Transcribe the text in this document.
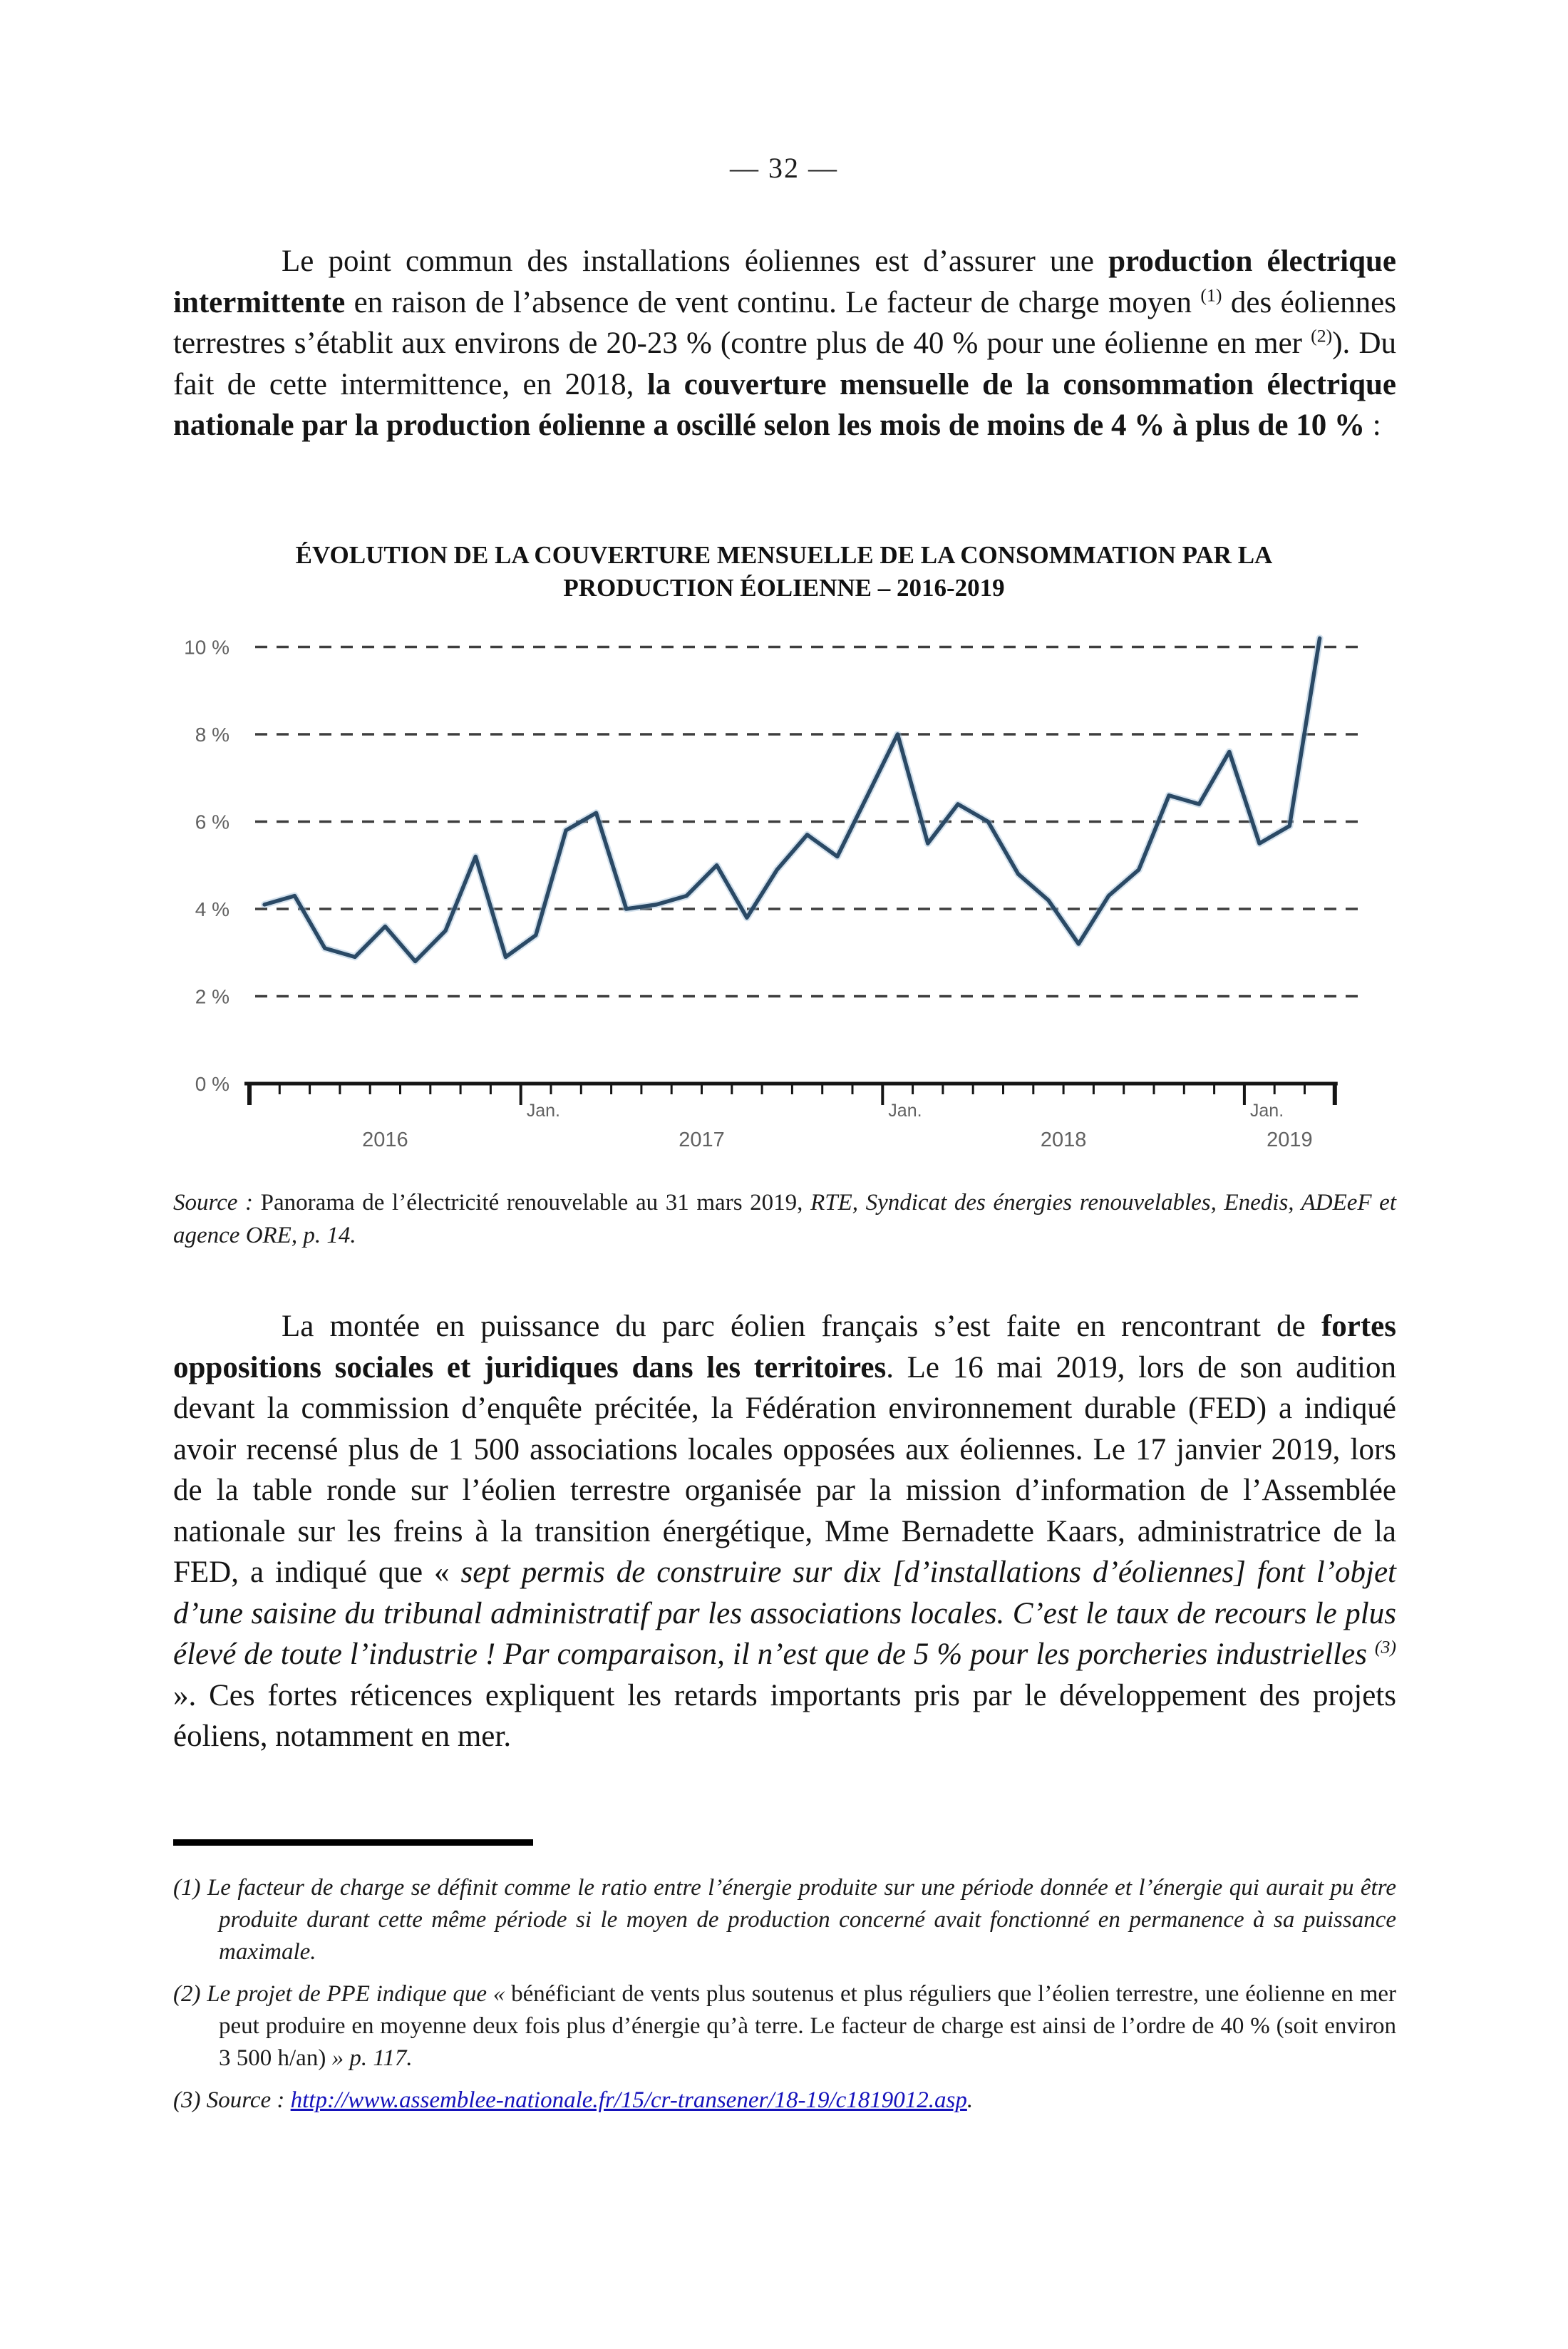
— 32 —
Le point commun des installations éoliennes est d’assurer une production électrique intermittente en raison de l’absence de vent continu. Le facteur de charge moyen $^{(1)}$ des éoliennes terrestres s’établit aux environs de 20-23 % (contre plus de 40 % pour une éolienne en mer $^{(2)}$). Du fait de cette intermittence, en 2018, la couverture mensuelle de la consommation électrique nationale par la production éolienne a oscillé selon les mois de moins de 4 % à plus de 10 % :
ÉVOLUTION DE LA COUVERTURE MENSUELLE DE LA CONSOMMATION PAR LA
PRODUCTION ÉOLIENNE – 2016-2019
10 %
8 %
6 %
4 %
2 %
0 %
Jan.	Jan.	Jan.
2016	2017	2018	2019
Source : Panorama de l’électricité renouvelable au 31 mars 2019, RTE, Syndicat des énergies renouvelables, Enedis, ADEeF et agence ORE, p. 14.
La montée en puissance du parc éolien français s’est faite en rencontrant de fortes oppositions sociales et juridiques dans les territoires. Le 16 mai 2019, lors de son audition devant la commission d’enquête précitée, la Fédération environnement durable (FED) a indiqué avoir recensé plus de 1 500 associations locales opposées aux éoliennes. Le 17 janvier 2019, lors de la table ronde sur l’éolien terrestre organisée par la mission d’information de l’Assemblée nationale sur les freins à la transition énergétique, Mme Bernadette Kaars, administratrice de la FED, a indiqué que « sept permis de construire sur dix [d’installations d’éoliennes] font l’objet d’une saisine du tribunal administratif par les associations locales. C’est le taux de recours le plus élevé de toute l’industrie ! Par comparaison, il n’est que de 5 % pour les porcheries industrielles $^{(3)}$ ». Ces fortes réticences expliquent les retards importants pris par le développement des projets éoliens, notamment en mer.

(1) Le facteur de charge se définit comme le ratio entre l’énergie produite sur une période donnée et l’énergie qui aurait pu être produite durant cette même période si le moyen de production concerné avait fonctionné en permanence à sa puissance maximale.

(2) Le projet de PPE indique que « bénéficiant de vents plus soutenus et plus réguliers que l’éolien terrestre, une éolienne en mer peut produire en moyenne deux fois plus d’énergie qu’à terre. Le facteur de charge est ainsi de l’ordre de 40 % (soit environ 3 500 h/an) » p. 117.

(3) Source : http://www.assemblee-nationale.fr/15/cr-transener/18-19/c1819012.asp.
